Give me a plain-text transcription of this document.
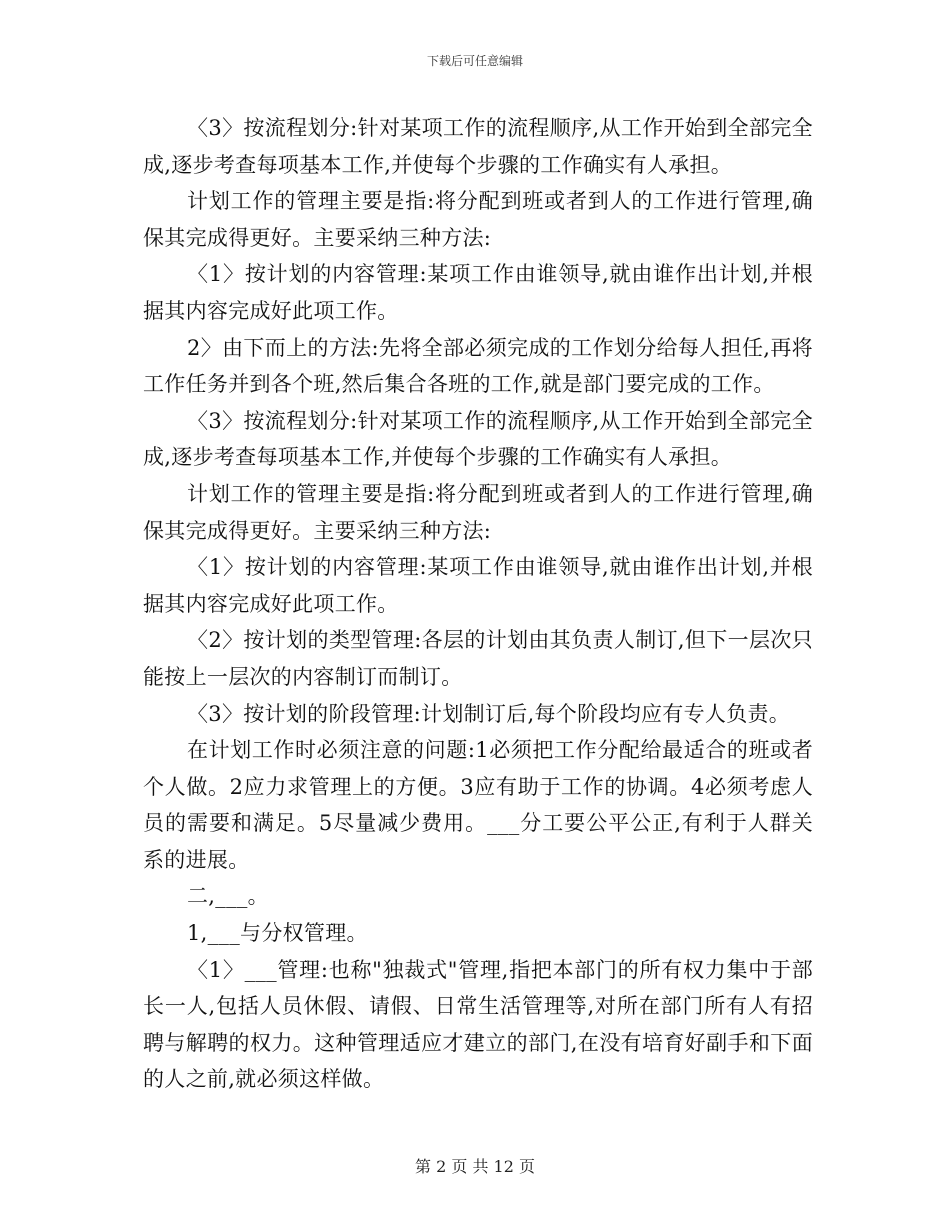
下载后可任意编辑

〈3〉按流程划分:针对某项工作的流程顺序,从工作开始到全部完全成,逐步考查每项基本工作,并使每个步骤的工作确实有人承担。

计划工作的管理主要是指:将分配到班或者到人的工作进行管理,确保其完成得更好。主要采纳三种方法:

〈1〉按计划的内容管理:某项工作由谁领导,就由谁作出计划,并根据其内容完成好此项工作。

2〉由下而上的方法:先将全部必须完成的工作划分给每人担任,再将工作任务并到各个班,然后集合各班的工作,就是部门要完成的工作。

〈3〉按流程划分:针对某项工作的流程顺序,从工作开始到全部完全成,逐步考查每项基本工作,并使每个步骤的工作确实有人承担。

计划工作的管理主要是指:将分配到班或者到人的工作进行管理,确保其完成得更好。主要采纳三种方法:

〈1〉按计划的内容管理:某项工作由谁领导,就由谁作出计划,并根据其内容完成好此项工作。

〈2〉按计划的类型管理:各层的计划由其负责人制订,但下一层次只能按上一层次的内容制订而制订。

〈3〉按计划的阶段管理:计划制订后,每个阶段均应有专人负责。

在计划工作时必须注意的问题:1必须把工作分配给最适合的班或者个人做。2应力求管理上的方便。3应有助于工作的协调。4必须考虑人员的需要和满足。5尽量减少费用。___分工要公平公正,有利于人群关系的进展。

二,___。

1,___与分权管理。

〈1〉___管理:也称"独裁式"管理,指把本部门的所有权力集中于部长一人,包括人员休假、请假、日常生活管理等,对所在部门所有人有招聘与解聘的权力。这种管理适应才建立的部门,在没有培育好副手和下面的人之前,就必须这样做。

第 2 页 共 12 页
